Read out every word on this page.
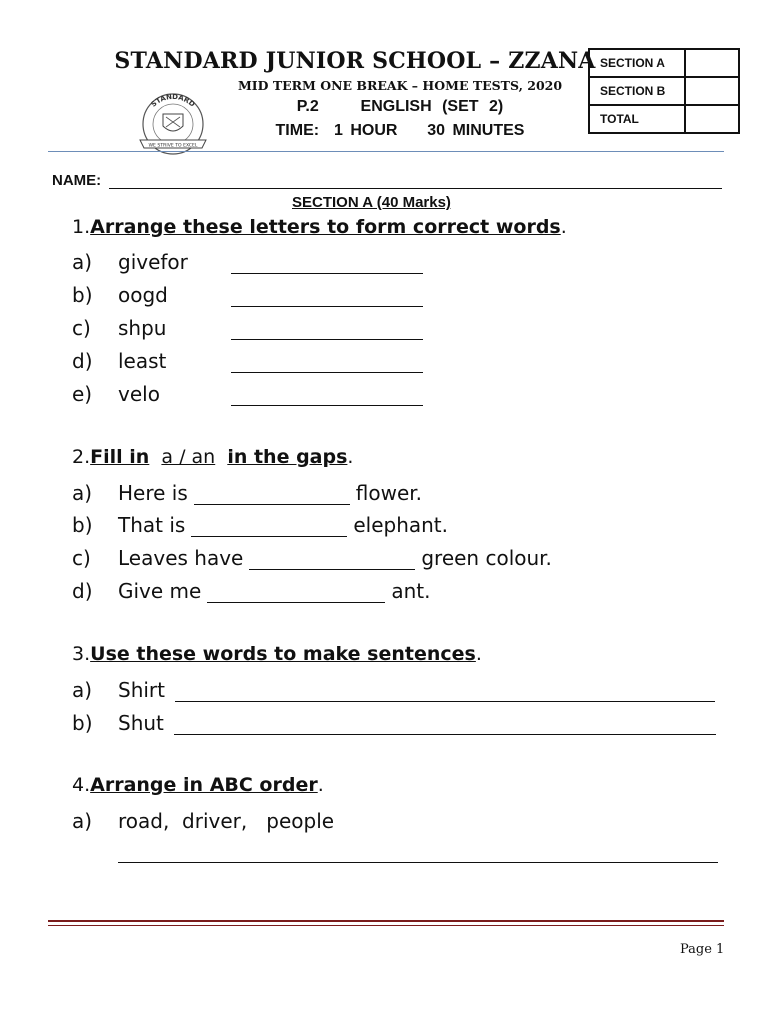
STANDARD JUNIOR SCHOOL – ZZANA
MID TERM ONE BREAK – HOME TESTS, 2020
P.2    ENGLISH (SET 2)
TIME:  1 HOUR    30 MINUTES
STANDARD
WE STRIVE TO EXCEL
SECTION A	
SECTION B	
TOTAL	
NAME:
SECTION A (40 Marks)
1.Arrange these letters to form correct words.
a)	givefor
b)	oogd
c)	shpu
d)	least
e)	velo
2.Fill in a / an in the gaps.
a)	Here is	flower.
b)	That is	elephant.
c)	Leaves have	green colour.
d)	Give me	ant.
3.Use these words to make sentences.
a)	Shirt
b)	Shut
4.Arrange in ABC order.
a)	road,  driver,   people
Page 1
